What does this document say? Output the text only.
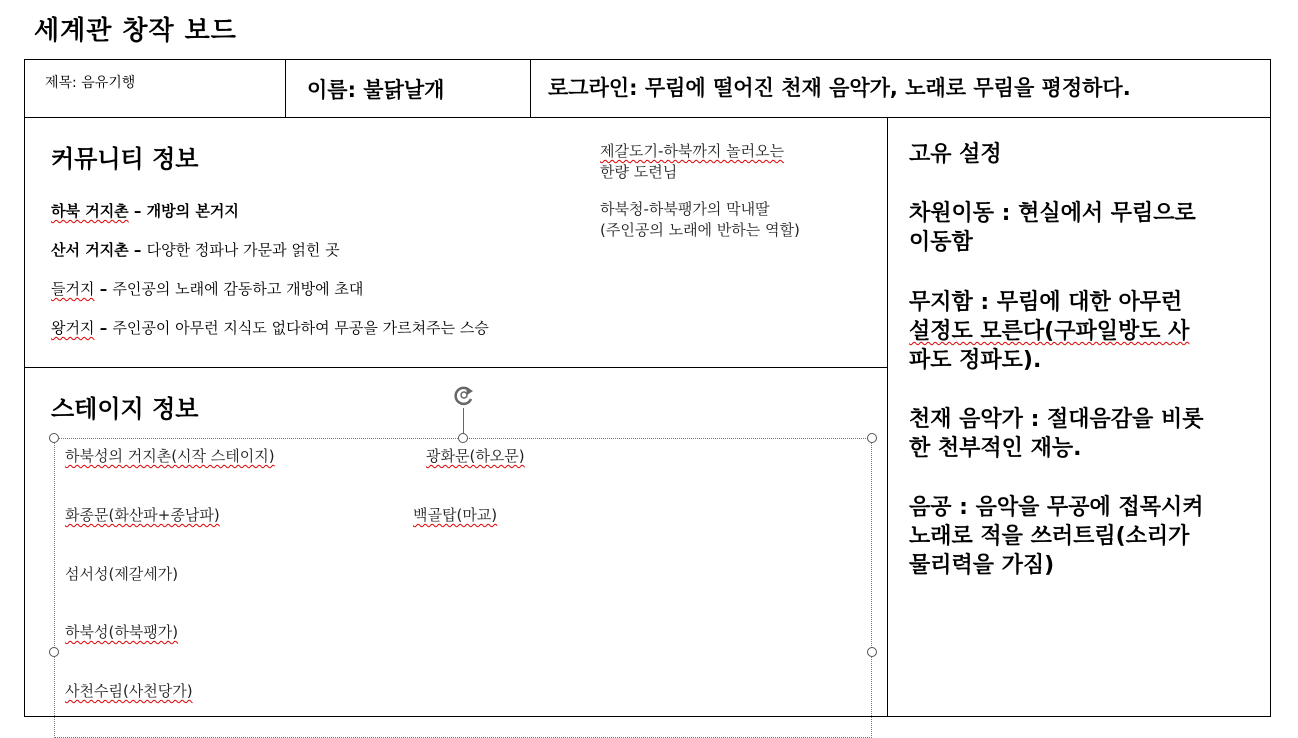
세계관 창작 보드
제목: 음유기행	이름: 불닭날개	로그라인: 무림에 떨어진 천재 음악가, 노래로 무림을 평정하다.
커뮤니티 정보
하북 거지촌 – 개방의 본거지
산서 거지촌 – 다양한 정파나 가문과 얽힌 곳
들거지 – 주인공의 노래에 감동하고 개방에 초대
왕거지 – 주인공이 아무런 지식도 없다하여 무공을 가르쳐주는 스승
제갈도기-하북까지 놀러오는
한량 도련님
하북청-하북팽가의 막내딸
(주인공의 노래에 반하는 역할)
스테이지 정보
하북성의 거지촌(시작 스테이지)
화종문(화산파+종남파)
섬서성(제갈세가)
하북성(하북팽가)
사천수림(사천당가)
광화문(하오문)
백골탑(마교)
고유 설정
차원이동 : 현실에서 무림으로
이동함
무지함 : 무림에 대한 아무런
설정도 모른다(구파일방도 사
파도 정파도).
천재 음악가 : 절대음감을 비롯
한 천부적인 재능.
음공 : 음악을 무공에 접목시켜
노래로 적을 쓰러트림(소리가
물리력을 가짐)
